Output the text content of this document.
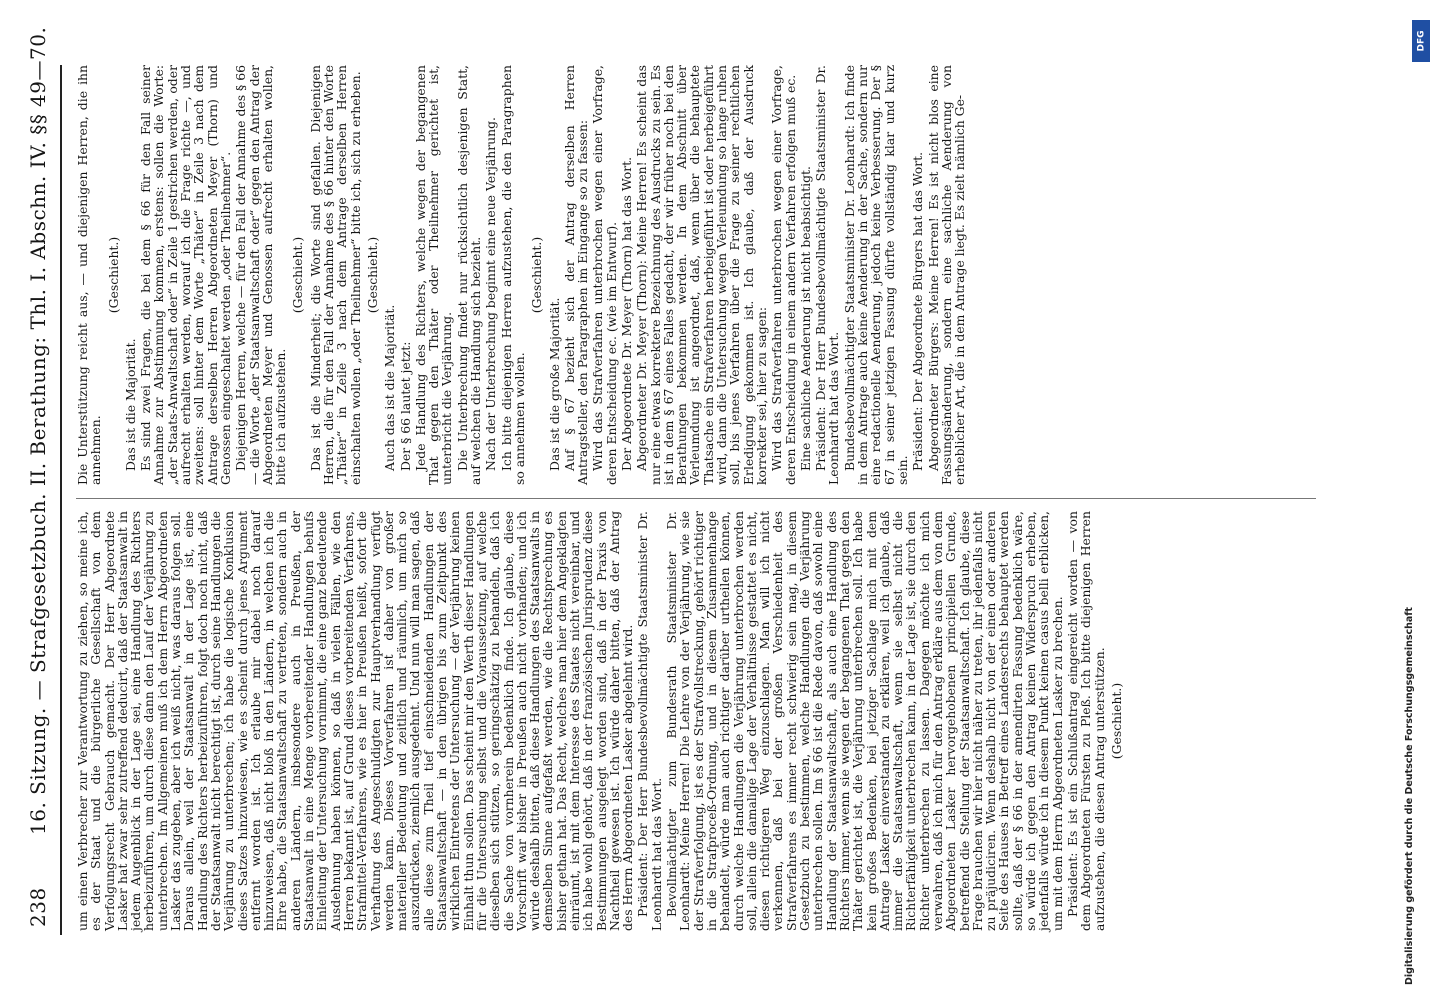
238
16. Sitzung. — Strafgesetzbuch. II. Berathung: Thl. I. Abschn. IV. §§ 49—70. um einen Verbrecher zur Verantwortung zu ziehen, so meine ich, es der Staat und die bürgerliche Gesellschaft von dem Verfolgungsrecht Gebrauch gemacht. Der Herr Abgeordnete Lasker hat zwar sehr zutreffend deducirt, daß der Staatsanwalt in jedem Augenblick in der Lage sei, eine Handlung des Richters herbeizuführen, um durch diese dann den Lauf der Verjährung zu unterbrechen. Im Allgemeinen muß ich dem Herrn Abgeordneten Lasker das zugeben, aber ich weiß nicht, was daraus folgen soll. Daraus allein, weil der Staatsanwalt in der Lage ist, eine Handlung des Richters herbeizuführen, folgt doch noch nicht, daß der Staatsanwalt nicht berechtigt ist, durch seine Handlungen die Verjährung zu unterbrechen; ich habe die logische Konklusion dieses Satzes hinzuwiesen, wie es scheint durch jenes Argument entfernt worden ist. Ich erlaube mir dabei noch darauf hinzuweisen, daß nicht bloß in den Ländern, in welchen ich die Ehre habe, die Staatsanwaltschaft zu vertreten, sondern auch in anderen Ländern, insbesondere auch in Preußen, der Staatsanwalt in eine Menge vorbereitender Handlungen behufs Einleitung der Untersuchung vornimmt, die eine ganz bedeutende Ausdehnung haben können, so daß in vielen Fällen, wie den Herren bekannt ist, auf Grund dieses vorbereitenden Verfahrens, Strafmittel-Verfahrens, wie es hier in Preußen heißt, sofort die Verhaftung des Angeschuldigten zur Hauptverhandlung verfügt werden kann. Dieses Vorverfahren ist daher von großer materieller Bedeutung und zeitlich und räumlich, um mich so auszudrücken, ziemlich ausgedehnt. Und nun will man sagen, daß alle diese zum Theil tief einschneidenden Handlungen der Staatsanwaltschaft — in den übrigen bis zum Zeitpunkt des wirklichen Eintretens der Untersuchung — der Verjährung keinen Einhalt thun sollen. Das scheint mir den Werth dieser Handlungen für die Untersuchung selbst und die Voraussetzung, auf welche dieselben sich stützen, so geringschätzig zu behandeln, daß ich die Sache von vornherein bedenklich finde. Ich glaube, diese Vorschrift war bisher in Preußen auch nicht vorhanden; und ich würde deshalb bitten, daß diese Handlungen des Staatsanwalts in demselben Sinne aufgefaßt werden, wie die Rechtsprechung es bisher gethan hat. Das Recht, welches man hier dem Angeklagten einräumt, ist mit dem Interesse des Staates nicht vereinbar, und ich habe wohl gehört, daß in der französischen Jurisprudenz diese Bestimmungen ausgelegt worden sind, daß in der Praxis von Nachtheil gewesen ist. Ich würde daher bitten, daß der Antrag des Herrn Abgeordneten Lasker abgelehnt wird. Präsident: Der Herr Bundesbevollmächtigte Staatsminister Dr. Leonhardt hat das Wort. Bevollmächtigter zum Bundesrath Staatsminister Dr. Leonhardt: Meine Herren! Die Lehre von der Verjährung, wie sie der Strafverfolgung, ist es der Strafvollstreckung, gehört richtiger in die Strafproceß-Ordnung, und in diesem Zusammenhange behandelt, würde man auch richtiger darüber urtheilen können, durch welche Handlungen die Verjährung unterbrochen werden soll, allein die damalige Lage der Verhältnisse gestattet es nicht, diesen richtigeren Weg einzuschlagen. Man will ich nicht verkennen, daß bei der großen Verschiedenheit des Strafverfahrens es immer recht schwierig sein mag, in diesem Gesetzbuch zu bestimmen, welche Handlungen die Verjährung unterbrechen sollen. Im § 66 ist die Rede davon, daß sowohl eine Handlung der Staatsanwaltschaft, als auch eine Handlung des Richters immer, wenn sie wegen der begangenen That gegen den Thäter gerichtet ist, die Verjährung unterbrechen soll. Ich habe kein großes Bedenken, bei jetziger Sachlage mich mit dem Antrage Lasker einverstanden zu erklären, weil ich glaube, daß immer die Staatsanwaltschaft, wenn sie selbst nicht die Richterfähigkeit unterbrechen kann, in der Lage ist, sie durch den Richter unterbrechen zu lassen. Dagegen möchte ich mich verwahren, daß ich mich für den Antrag erkläre aus dem von dem Abgeordneten Lasker hervorgehobenen principiellen Grunde, betreffend die Stellung der Staatsanwaltschaft. Ich glaube, diese Frage brauchen wir hier nicht näher zu treten, ihr jedenfalls nicht zu präjudiciren. Wenn deshalb nicht von der einen oder anderen Seite des Hauses in Betreff eines Landesrechts behauptet werden sollte, daß der § 66 in der amendirten Fassung bedenklich wäre, so würde ich gegen den Antrag keinen Widerspruch erheben, jedenfalls würde ich in diesem Punkt keinen casus belli erblicken, um mit dem Herrn Abgeordneten Lasker zu brechen. Präsident: Es ist ein Schlußantrag eingereicht worden — von dem Abgeordneten Fürsten zu Pleß. Ich bitte diejenigen Herren aufzustehen, die diesen Antrag unterstützen. (Geschieht.)

Die Unterstützung reicht aus, — und diejenigen Herren, die ihn annehmen.

(Geschieht.)

Das ist die Majorität. Es sind zwei Fragen, die bei dem § 66 für den Fall seiner Annahme zur Abstimmung kommen, erstens: sollen die Worte: „der Staats-Anwaltschaft oder“ in Zeile 1 gestrichen werden, oder aufrecht erhalten werden, worauf ich die Frage richte —, und zweitens: soll hinter dem Worte „Thäter“ in Zeile 3 nach dem Antrage derselben Herren Abgeordneten Meyer (Thorn) und Genossen eingeschaltet werden „oder Theilnehmer“. Diejenigen Herren, welche — für den Fall der Annahme des § 66 — die Worte „der Staatsanwaltschaft oder“ gegen den Antrag der Abgeordneten Meyer und Genossen aufrecht erhalten wollen, bitte ich aufzustehen.

(Geschieht.) Das ist die Minderheit; die Worte sind gefallen. Diejenigen Herren, die für den Fall der Annahme des § 66 hinter den Worte „Thäter“ in Zeile 3 nach dem Antrage derselben Herren einschalten wollen „oder Theilnehmer“ bitte ich, sich zu erheben. (Geschieht.)

Auch das ist die Majorität. Der § 66 lautet jetzt: Jede Handlung des Richters, welche wegen der begangenen That gegen den Thäter oder Theilnehmer gerichtet ist, unterbricht die Verjährung. Die Unterbrechung findet nur rücksichtlich desjenigen Statt, auf welchen die Handlung sich bezieht. Nach der Unterbrechung beginnt eine neue Verjährung. Ich bitte diejenigen Herren aufzustehen, die den Paragraphen so annehmen wollen.

(Geschieht.)

Das ist die große Majorität. Auf § 67 bezieht sich der Antrag derselben Herren Antragsteller, den Paragraphen im Eingange so zu fassen: Wird das Strafverfahren unterbrochen wegen einer Vorfrage, deren Entscheidung ec. (wie im Entwurf). Der Abgeordnete Dr. Meyer (Thorn) hat das Wort. Abgeordneter Dr. Meyer (Thorn): Meine Herren! Es scheint das nur eine etwas korrektere Bezeichnung des Ausdrucks zu sein. Es ist in dem § 67 eines Falles gedacht, der wir früher noch bei den Berathungen bekommen werden. In dem Abschnitt über Verleumdung ist angeordnet, daß, wenn über die behauptete Thatsache ein Strafverfahren herbeigeführt ist oder herbeigeführt wird, dann die Untersuchung wegen Verleumdung so lange ruhen soll, bis jenes Verfahren über die Frage zu seiner rechtlichen Erledigung gekommen ist. Ich glaube, daß der Ausdruck korrekter sei, hier zu sagen: Wird das Strafverfahren unterbrochen wegen einer Vorfrage, deren Entscheidung in einem andern Verfahren erfolgen muß ec. Eine sachliche Aenderung ist nicht beabsichtigt. Präsident: Der Herr Bundesbevollmächtigte Staatsminister Dr. Leonhardt hat das Wort. Bundesbevollmächtigter Staatsminister Dr. Leonhardt: Ich finde in dem Antrage auch keine Aenderung in der Sache, sondern nur eine redactionelle Aenderung, jedoch keine Verbesserung. Der § 67 in seiner jetzigen Fassung dürfte vollständig klar und kurz sein. Präsident: Der Abgeordnete Bürgers hat das Wort. Abgeordneter Bürgers: Meine Herren! Es ist nicht blos eine Fassungsänderung, sondern eine sachliche Aenderung von erheblicher Art, die in dem Antrage liegt. Es zielt nämlich Ge-

DFG
Digitalisierung gefördert durch die Deutsche Forschungsgemeinschaft
